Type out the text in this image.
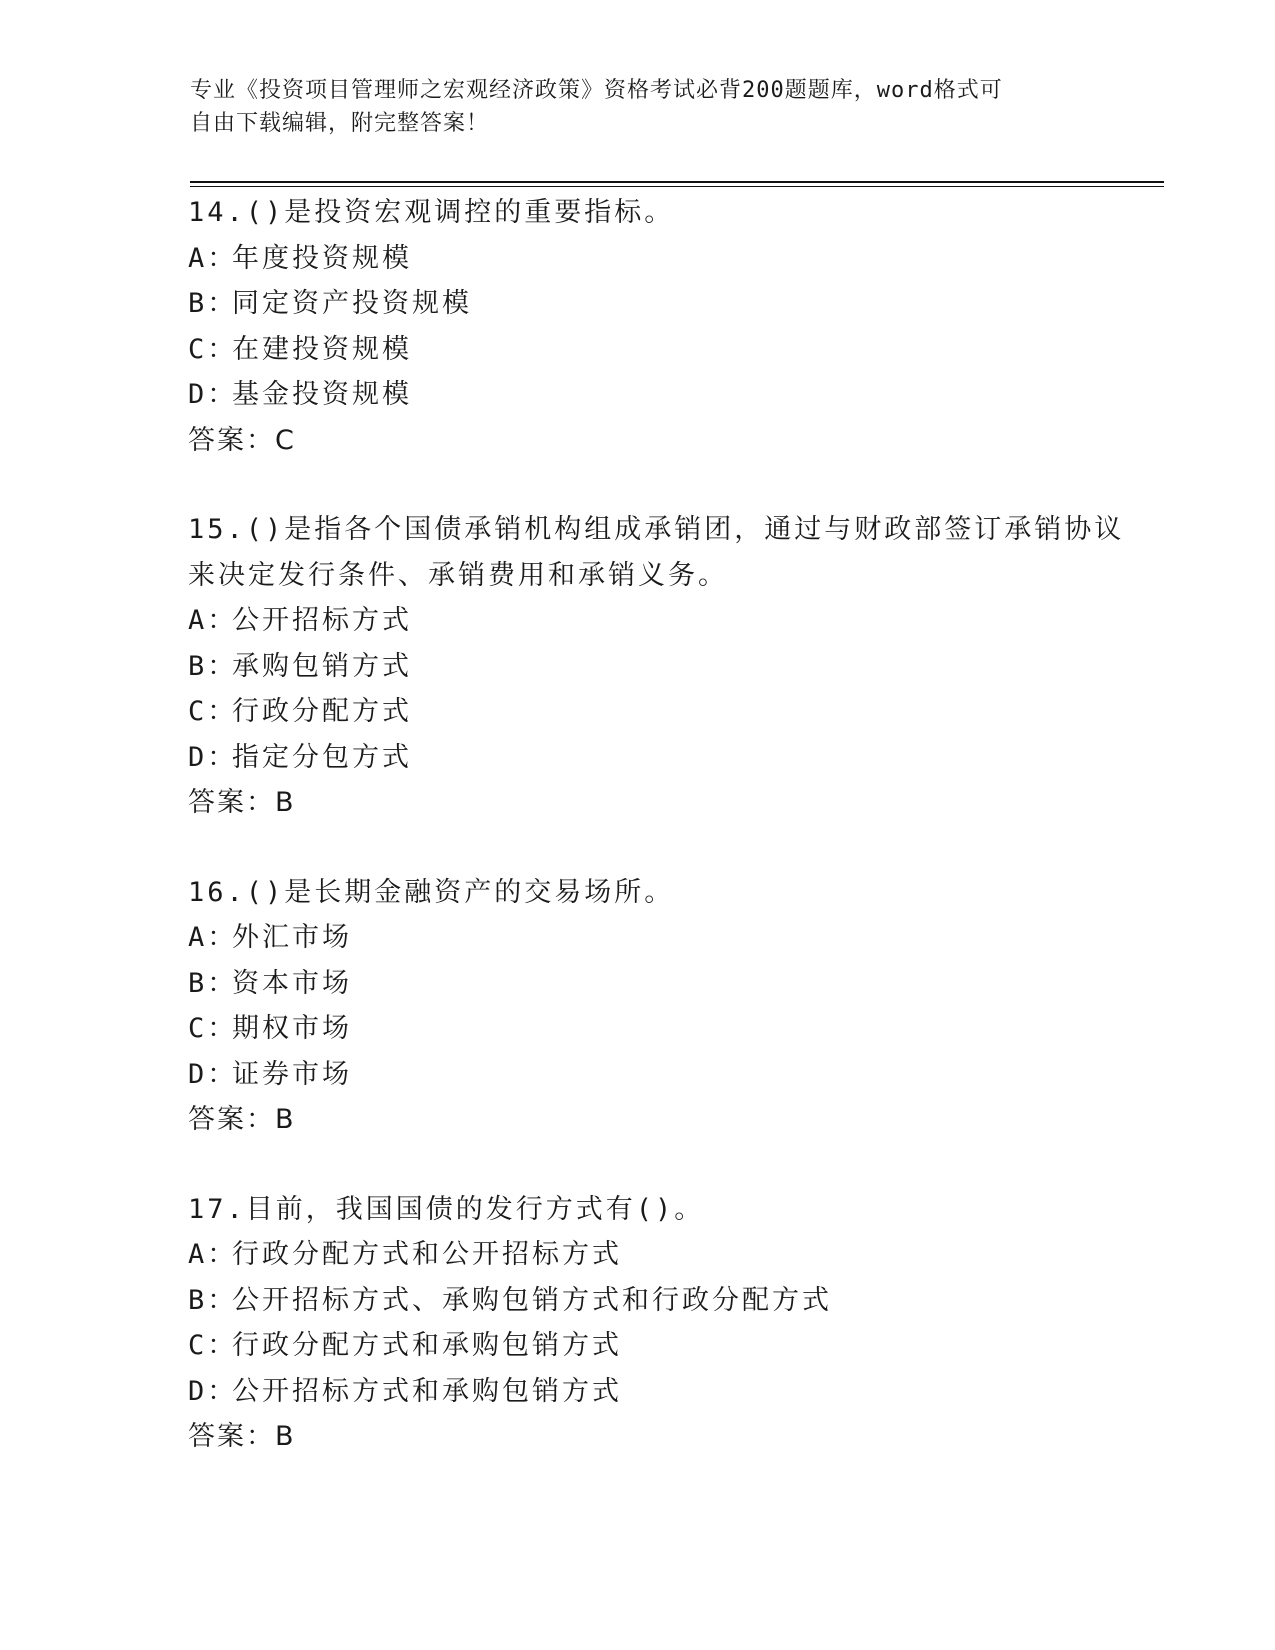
专业《投资项目管理师之宏观经济政策》资格考试必背200题题库，word格式可
自由下载编辑，附完整答案！

14.()是投资宏观调控的重要指标。

A：
年度投资规模

B：
同定资产投资规模

C：
在建投资规模

D：
基金投资规模

答案：C

15.()是指各个国债承销机构组成承销团，通过与财政部签订承销协议来决定发行条件、承销费用和承销义务。

A：
公开招标方式

B：
承购包销方式

C：
行政分配方式

D：
指定分包方式

答案：B

16.()是长期金融资产的交易场所。

A：
外汇市场

B：
资本市场

C：
期权市场

D：
证券市场

答案：B

17.目前，我国国债的发行方式有()。

A：
行政分配方式和公开招标方式

B：
公开招标方式、承购包销方式和行政分配方式

C：
行政分配方式和承购包销方式

D：
公开招标方式和承购包销方式

答案：B
